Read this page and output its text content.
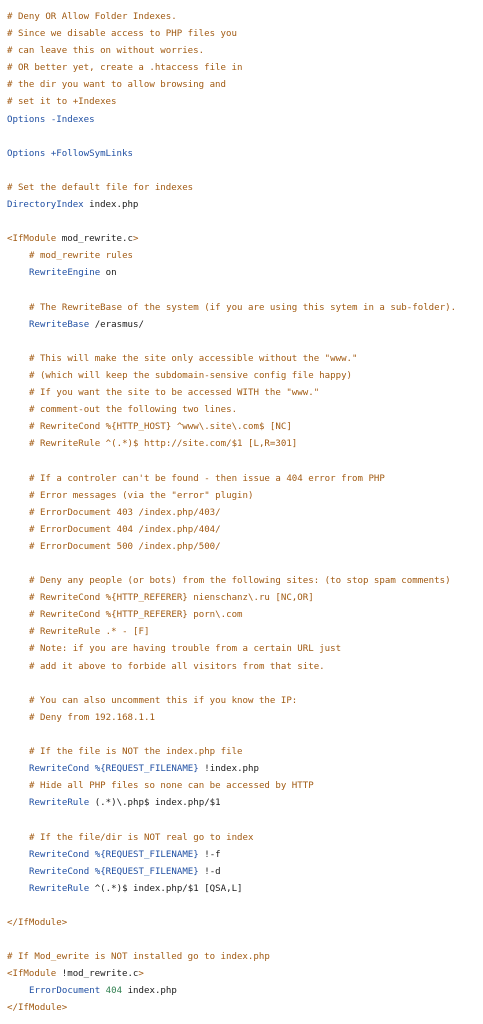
# Deny OR Allow Folder Indexes.
# Since we disable access to PHP files you
# can leave this on without worries.
# OR better yet, create a .htaccess file in
# the dir you want to allow browsing and
# set it to +Indexes
Options -Indexes
Options +FollowSymLinks
# Set the default file for indexes
DirectoryIndex index.php
<IfModule mod_rewrite.c>
# mod_rewrite rules
RewriteEngine on
# The RewriteBase of the system (if you are using this sytem in a sub-folder).
RewriteBase /erasmus/
# This will make the site only accessible without the "www."
# (which will keep the subdomain-sensive config file happy)
# If you want the site to be accessed WITH the "www."
# comment-out the following two lines.
# RewriteCond %{HTTP_HOST} ^www\.site\.com$ [NC]
# RewriteRule ^(.*)$ http://site.com/$1 [L,R=301]
# If a controler can't be found - then issue a 404 error from PHP
# Error messages (via the "error" plugin)
# ErrorDocument 403 /index.php/403/
# ErrorDocument 404 /index.php/404/
# ErrorDocument 500 /index.php/500/
# Deny any people (or bots) from the following sites: (to stop spam comments)
# RewriteCond %{HTTP_REFERER} nienschanz\.ru [NC,OR]
# RewriteCond %{HTTP_REFERER} porn\.com
# RewriteRule .* - [F]
# Note: if you are having trouble from a certain URL just
# add it above to forbide all visitors from that site.
# You can also uncomment this if you know the IP:
# Deny from 192.168.1.1
# If the file is NOT the index.php file
RewriteCond %{REQUEST_FILENAME} !index.php
# Hide all PHP files so none can be accessed by HTTP
RewriteRule (.*)\.php$ index.php/$1
# If the file/dir is NOT real go to index
RewriteCond %{REQUEST_FILENAME} !-f
RewriteCond %{REQUEST_FILENAME} !-d
RewriteRule ^(.*)$ index.php/$1 [QSA,L]
</IfModule>
# If Mod_ewrite is NOT installed go to index.php
<IfModule !mod_rewrite.c>
ErrorDocument 404 index.php
</IfModule>
